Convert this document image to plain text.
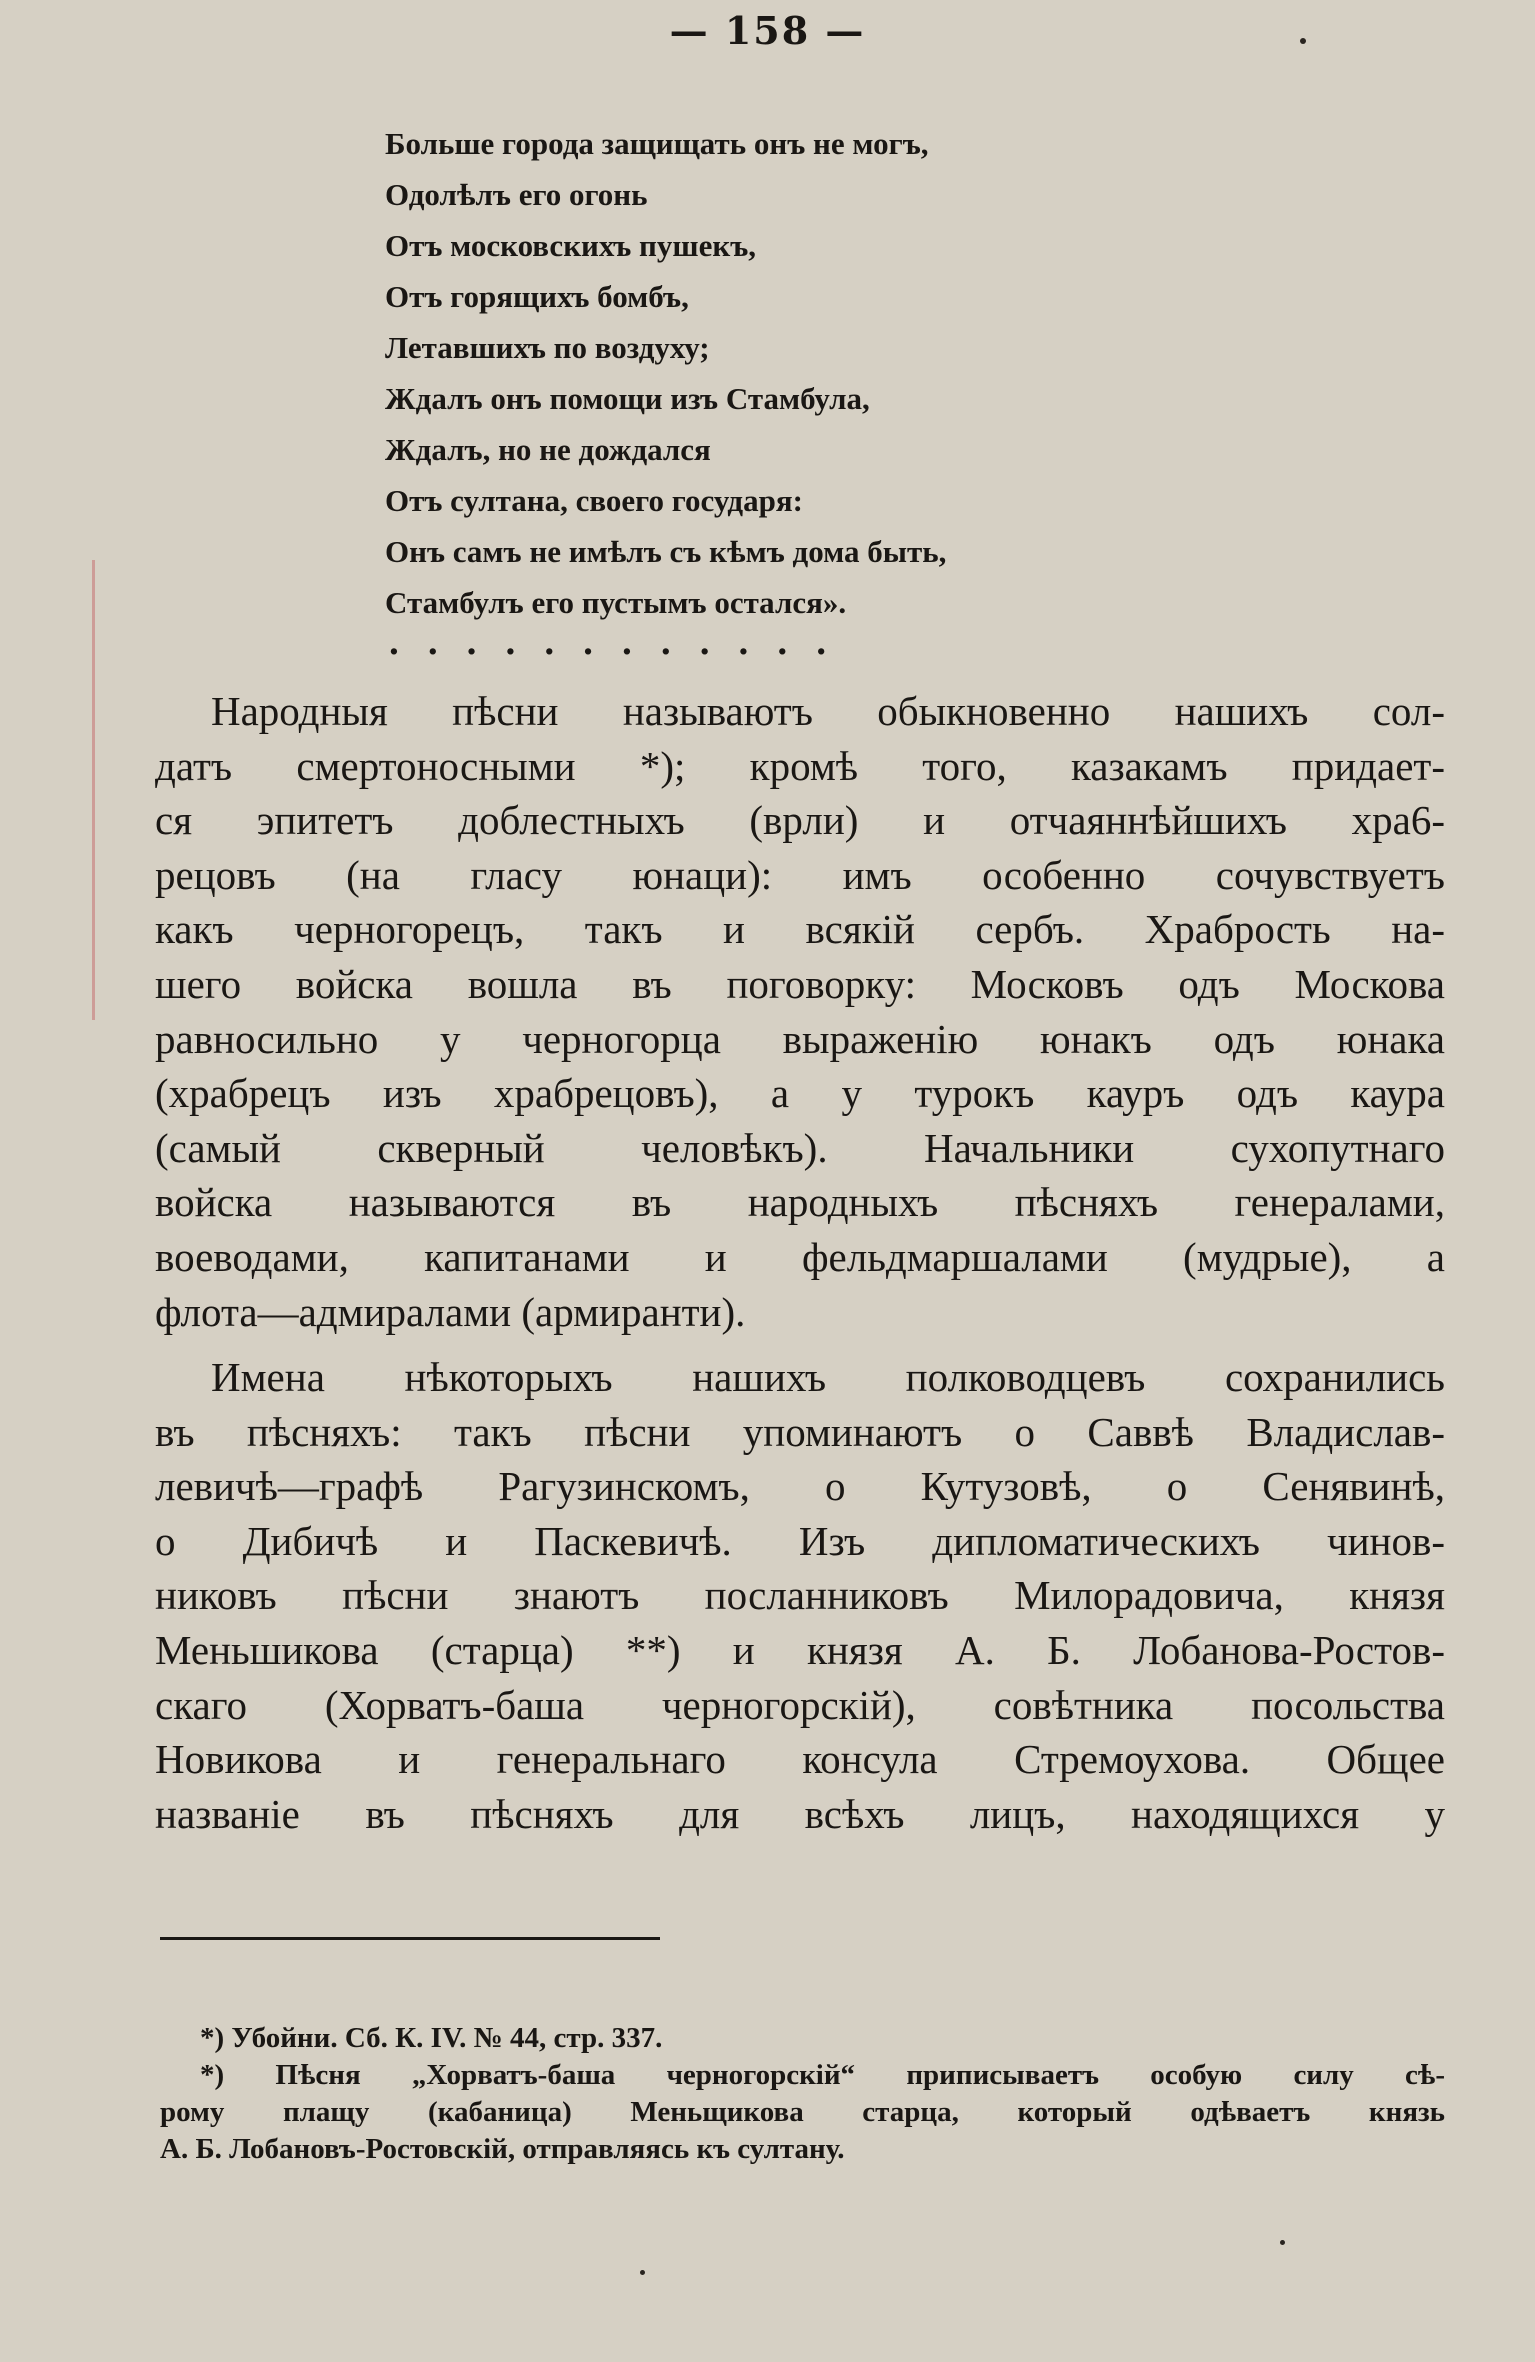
— 158 —
Больше города защищать онъ не могъ,
Одолѣлъ его огонь
Отъ московскихъ пушекъ,
Отъ горящихъ бомбъ,
Летавшихъ по воздуху;
Ждалъ онъ помощи изъ Стамбула,
Ждалъ, но не дождался
Отъ султана, своего государя:
Онъ самъ не имѣлъ съ кѣмъ дома быть,
Стамбулъ его пустымъ остался».
............
Народныя пѣсни называютъ обыкновенно нашихъ сол-
датъ смертоносными *); кромѣ того, казакамъ придает-
ся эпитетъ доблестныхъ (врли) и отчаяннѣйшихъ хра6-
рецовъ (на гласу юнаци): имъ особенно сочувствуетъ
какъ черногорецъ, такъ и всякій сербъ. Храбрость на-
шего войска вошла въ поговорку: Московъ одъ Москова
равносильно у черногорца выраженію юнакъ одъ юнака
(храбрецъ изъ храбрецовъ), а у турокъ кауръ одъ каура
(самый скверный человѣкъ). Начальники сухопутнаго
войска называются въ народныхъ пѣсняхъ генералами,
воеводами, капитанами и фельдмаршалами (мудрые), а
флота—адмиралами (армиранти).
Имена нѣкоторыхъ нашихъ полководцевъ сохранились
въ пѣсняхъ: такъ пѣсни упоминаютъ о Саввѣ Владислав-
левичѣ—графѣ Рагузинскомъ, о Кутузовѣ, о Сенявинѣ,
о Дибичѣ и Паскевичѣ. Изъ дипломатическихъ чинов-
никовъ пѣсни знаютъ посланниковъ Милорадовича, князя
Меньшикова (старца) **) и князя А. Б. Лобанова-Ростов-
скаго (Хорватъ-баша черногорскій), совѣтника посольства
Новикова и генеральнаго консула Стремоухова. Общее
названіе въ пѣсняхъ для всѣхъ лицъ, находящихся у
*) Убойни. Сб. К. IV. № 44, стр. 337.
*) Пѣсня „Хорватъ-баша черногорскій“ приписываетъ особую силу сѣ-
рому плащу (кабаница) Меньщикова старца, который одѣваетъ князь
А. Б. Лобановъ-Ростовскій, отправляясь къ султану.
